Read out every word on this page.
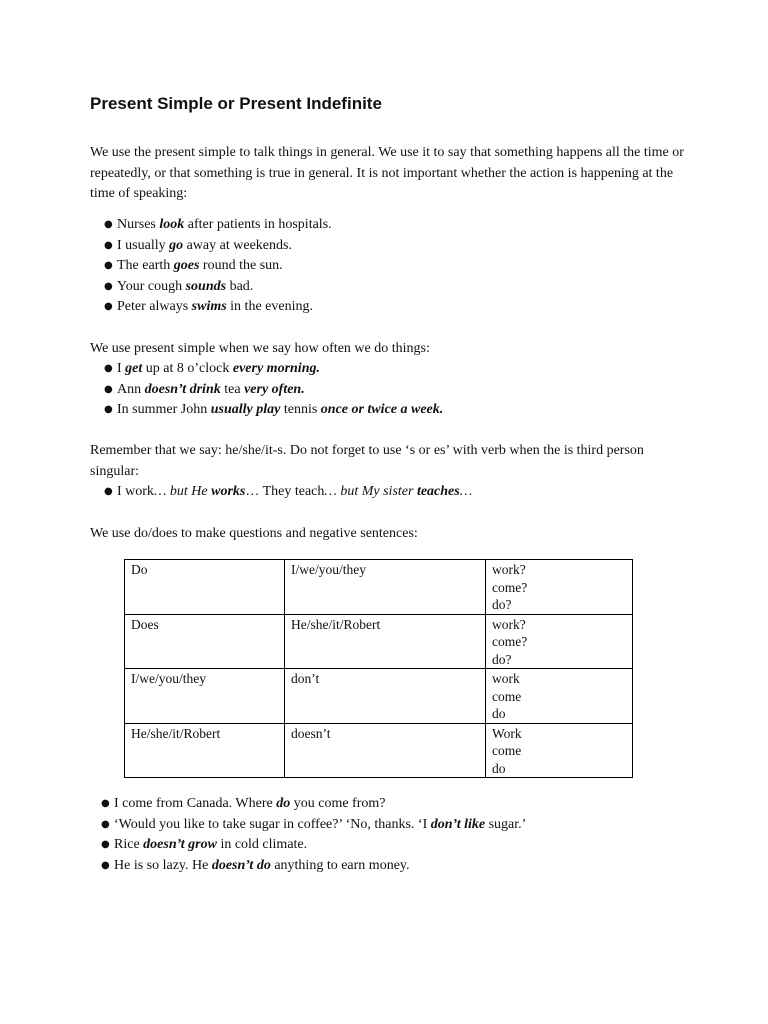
Present Simple or Present Indefinite

We use the present simple to talk things in general. We use it to say that something happens all the time or repeatedly, or that something is true in general. It is not important whether the action is happening at the time of speaking:

● Nurses look after patients in hospitals.
● I usually go away at weekends.
● The earth goes round the sun.
● Your cough sounds bad.
● Peter always swims in the evening.

We use present simple when we say how often we do things:

● I get up at 8 o’clock every morning.
● Ann doesn’t drink tea very often.
● In summer John usually play tennis once or twice a week.

Remember that we say: he/she/it-s. Do not forget to use ‘s or es’ with verb when the is third person singular:

● I work… but He works… They teach… but My sister teaches…

We use do/does to make questions and negative sentences:

Do	I/we/you/they	work?
come?
do?

Does	He/she/it/Robert	work?
come?
do?

I/we/you/they	don’t	work
come
do

He/she/it/Robert	doesn’t	Work
come
do
● I come from Canada. Where do you come from?
● ‘Would you like to take sugar in coffee?’ ‘No, thanks. ‘I don’t like sugar.’
● Rice doesn’t grow in cold climate.
● He is so lazy. He doesn’t do anything to earn money.
